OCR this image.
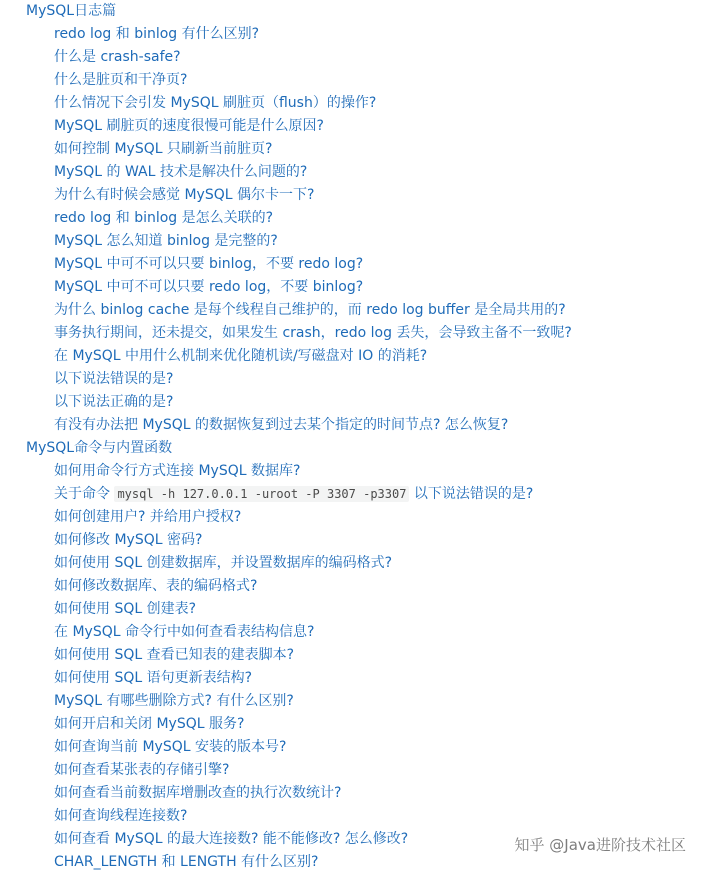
MySQL日志篇
redo log 和 binlog 有什么区别?
什么是 crash-safe?
什么是脏页和干净页?
什么情况下会引发 MySQL 刷脏页（flush）的操作?
MySQL 刷脏页的速度很慢可能是什么原因?
如何控制 MySQL 只刷新当前脏页?
MySQL 的 WAL 技术是解决什么问题的?
为什么有时候会感觉 MySQL 偶尔卡一下?
redo log 和 binlog 是怎么关联的?
MySQL 怎么知道 binlog 是完整的?
MySQL 中可不可以只要 binlog，不要 redo log?
MySQL 中可不可以只要 redo log，不要 binlog?
为什么 binlog cache 是每个线程自己维护的，而 redo log buffer 是全局共用的?
事务执行期间，还未提交，如果发生 crash，redo log 丢失，会导致主备不一致呢?
在 MySQL 中用什么机制来优化随机读/写磁盘对 IO 的消耗?
以下说法错误的是?
以下说法正确的是?
有没有办法把 MySQL 的数据恢复到过去某个指定的时间节点? 怎么恢复?
MySQL命令与内置函数
如何用命令行方式连接 MySQL 数据库?
关于命令 mysql -h 127.0.0.1 -uroot -P 3307 -p3307 以下说法错误的是?
如何创建用户? 并给用户授权?
如何修改 MySQL 密码?
如何使用 SQL 创建数据库，并设置数据库的编码格式?
如何修改数据库、表的编码格式?
如何使用 SQL 创建表?
在 MySQL 命令行中如何查看表结构信息?
如何使用 SQL 查看已知表的建表脚本?
如何使用 SQL 语句更新表结构?
MySQL 有哪些删除方式? 有什么区别?
如何开启和关闭 MySQL 服务?
如何查询当前 MySQL 安装的版本号?
如何查看某张表的存储引擎?
如何查看当前数据库增删改查的执行次数统计?
如何查询线程连接数?
如何查看 MySQL 的最大连接数? 能不能修改? 怎么修改?
CHAR_LENGTH 和 LENGTH 有什么区别?
知乎 @Java进阶技术社区
